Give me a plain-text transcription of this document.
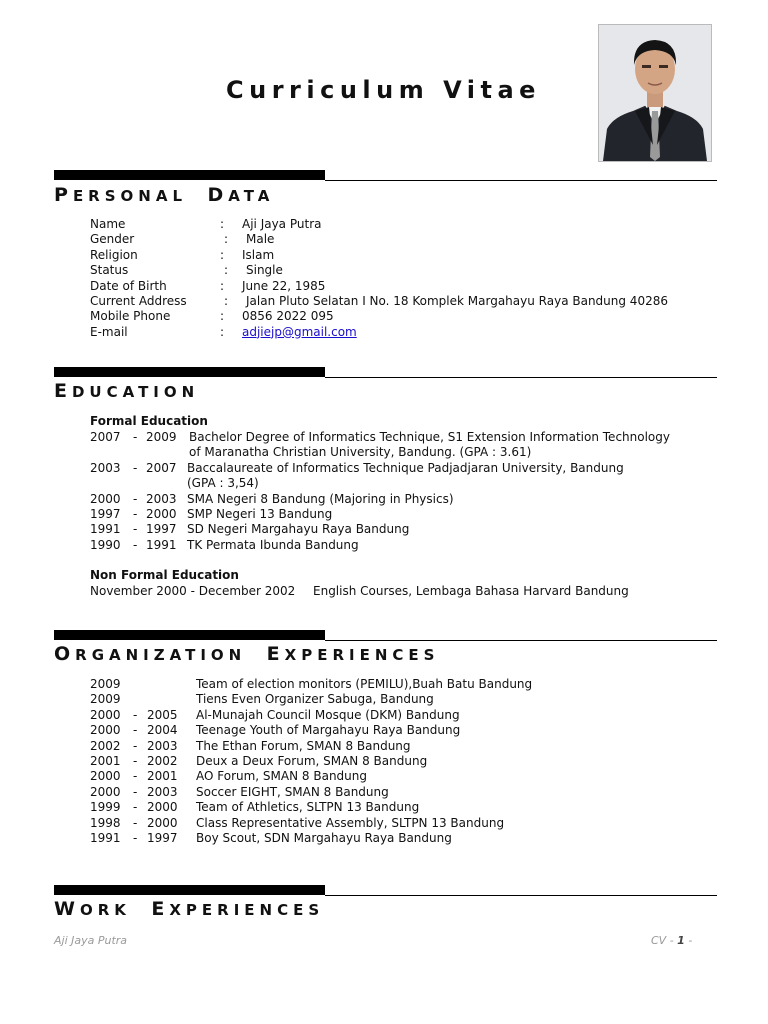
Curriculum Vitae
PERSONAL DATA
Name	: Aji Jaya Putra
Gender	: Male
Religion	: Islam
Status	: Single
Date of Birth	: June 22, 1985
Current Address	: Jalan Pluto Selatan I No. 18 Komplek Margahayu Raya Bandung 40286
Mobile Phone	: 0856 2022 095
E-mail	: adjiejp@gmail.com
EDUCATION
Formal Education
2007 - 2009 Bachelor Degree of Informatics Technique, S1 Extension Information Technology
of Maranatha Christian University, Bandung. (GPA : 3.61)
2003 - 2007 Baccalaureate of Informatics Technique Padjadjaran University, Bandung
(GPA : 3,54)
2000 - 2003 SMA Negeri 8 Bandung (Majoring in Physics)
1997 - 2000 SMP Negeri 13 Bandung
1991 - 1997 SD Negeri Margahayu Raya Bandung
1990 - 1991 TK Permata Ibunda Bandung
Non Formal Education
November 2000 - December 2002 English Courses, Lembaga Bahasa Harvard Bandung
ORGANIZATION EXPERIENCES
2009	Team of election monitors (PEMILU),Buah Batu Bandung
2009	Tiens Even Organizer Sabuga, Bandung
2000 - 2005 Al-Munajah Council Mosque (DKM) Bandung
2000 - 2004 Teenage Youth of Margahayu Raya Bandung
2002 - 2003 The Ethan Forum, SMAN 8 Bandung
2001 - 2002 Deux a Deux Forum, SMAN 8 Bandung
2000 - 2001 AO Forum, SMAN 8 Bandung
2000 - 2003 Soccer EIGHT, SMAN 8 Bandung
1999 - 2000 Team of Athletics, SLTPN 13 Bandung
1998 - 2000 Class Representative Assembly, SLTPN 13 Bandung
1991 - 1997 Boy Scout, SDN Margahayu Raya Bandung
WORK EXPERIENCES
Aji Jaya Putra	CV - 1 -
